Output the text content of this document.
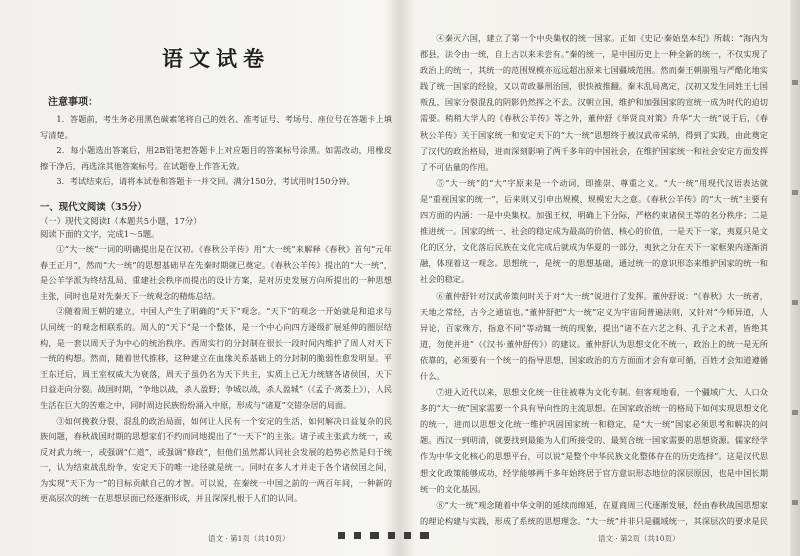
语文试卷
注意事项：

1．答题前，考生务必用黑色碳素笔将自己的姓名、准考证号、考场号、座位号在答题卡上填写清楚。

2．每小题选出答案后，用2B铅笔把答题卡上对应题目的答案标号涂黑。如需改动，用橡皮擦干净后，再选涂其他答案标号。在试题卷上作答无效。

3．考试结束后，请将本试卷和答题卡一并交回。满分150分，考试用时150分钟。

一、现代文阅读（35分）
（一）现代文阅读Ⅰ（本题共5小题，17分）
阅读下面的文字，完成1～5题。

①“大一统”一词的明确提出是在汉初。《春秋公羊传》用“大一统”来解释《春秋》首句“元年春王正月”，然而“大一统”的思想基础早在先秦时期就已奠定。《春秋公羊传》提出的“大一统”，是公羊学派为终结乱局、重建社会秩序而提出的设计方案，是对历史发展方向所提出的一种思想主张，同时也是对先秦天下一统观念的精炼总结。

②随着周王朝的建立，中国人产生了明确的“天下”观念。“天下”的观念一开始就是和追求与认同统一的观念相联系的。周人的“天下”是一个整体，是一个中心向四方逐级扩展延伸的圈层结构，是一套以周天子为中心的统治秩序。西周实行的分封制在很长一段时间内维护了周人对天下一统的构想。然而，随着世代推移，这种建立在血缘关系基础上的分封制的脆弱性愈发明显。平王东迁后，周王室权威大为衰落，周天子虽仍名为天下共主，实质上已无力统辖各诸侯国，天下日益走向分裂。战国时期，“争地以战，杀人盈野；争城以战，杀人盈城”（《孟子·离娄上》），人民生活在巨大的苦难之中，同时周边民族纷纷涌入中原，形成与“诸夏”交错杂居的局面。

③如何挽救分裂、混乱的政治局面，如何让人民有一个安定的生活，如何解决日益复杂的民族问题，春秋战国时期的思想家们不约而同地提出了“一天下”的主张。诸子或主张武力统一，或反对武力统一，或强调“仁道”，或强调“修政”，但他们虽然都认同社会发展的趋势必然是归于统一，认为结束战乱纷争、安定天下的唯一途径就是统一。同时在多人才并走于各个诸侯国之间，为实现“天下为一”的目标贡献自己的才智。可以说，在秦统一中国之前的一两百年间，一种新的更高层次的统一在思想层面已经逐渐形成，并且深深扎根于人们的认同。

④秦灭六国，建立了第一个中央集权的统一国家。正如《史记·秦始皇本纪》所载：“海内为郡县，法令由一统，自上古以来未尝有。”秦的统一，是中国历史上一种全新的统一，不仅实现了政治上的统一，其统一的范围规模亦远远超出原来七国疆域范围。然而秦王朝崩殂与严酷化地实践了统一国家的经验，又以苛政暴刑治国，很快被推翻。秦末乱局离定，汉初又发生同姓王七国叛乱，国家分裂混乱的阴影仍然挥之不去。汉朝立国，维护和加强国家的宣统一成为时代的迫切需要。稍稍大学人的《春秋公羊传》等之外，董仲舒《举贤良对策》升华“大一统”说于后，《春秋公羊传》关于国家统一和安定天下的“大一统”思想终于被汉武帝采纳，得到了实践，由此奠定了汉代的政治格局，进而深刻影响了两千多年的中国社会，在维护国家统一和社会安定方面发挥了不可估量的作用。

⑤“大一统”的“大”字原来是一个动词，即推崇、尊重之义。“大一统”用现代汉语表达就是“重视国家的统一”，后来则又引申出规模、规模宏大之意。《春秋公羊传》的“大一统”主要有四方面的内涵：一是中央集权。加强王权，明确上下分际，严格约束诸侯王等的名分秩序；二是推进统一。国家的统一、社会的稳定成为最高的价值、核心的价值，一是天下一家，夷夏只是文化的区分，文化落后民族在文化完成后就成为华夏的一部分，夷狄之分在天下一家框架内逐渐消融，体现着这一观念。思想统一，是统一的思想基础，通过统一的意识形态来维护国家的统一和社会的稳定。

⑥董仲舒针对汉武帝策问时关于对“大一统”说进行了发挥。董仲舒说：“《春秋》大一统者，天地之常经，古今之通谊也。”董仲舒把“大一统”定义为宇宙间普遍法则，又针对“今师异道，人异论，百家殊方，指意不同”等动辄一统的现象，提出“诸不在六艺之科、孔子之术者，皆绝其道，勿使并进”（《汉书·董仲舒传》）的建议。董仲舒认为思想文化不统一，政治上的统一是无所依靠的，必须要有一个统一的指导思想，国家政治的方方面面才会有章可循，百姓才会知道遵循什么。

⑦进入近代以来，思想文化统一往往被尊为文化专制。但客观地看，一个疆域广大、人口众多的“大一统”国家需要一个具有导向性的主流思想。在国家政治统一的格局下如何实现思想文化的统一，进而以思想文化统一维护巩固国家统一和稳定，是“大一统”国家必须思考和解决的问题。西汉一到明清，就要找到最能为人们所接受的、最契合统一国家需要的思想资源。儒家经学作为中华文化核心的思想平台，可以说“是整个中华民族文化整体存在的历史选择”。这是汉代思想文化政策能够成功，经学能够两千多年始终居于官方意识形态地位的深层原因，也是中国长期统一的文化基因。

⑧“大一统”观念随着中华文明的延续而绵延，在夏商周三代逐渐发展，经由春秋战国思想家的理论构建与实践，形成了系统的思想理念。“大一统”并非只是疆域统一，其深层次的要求是民

语文 · 第1页（共10页）	语文 · 第2页（共10页）
